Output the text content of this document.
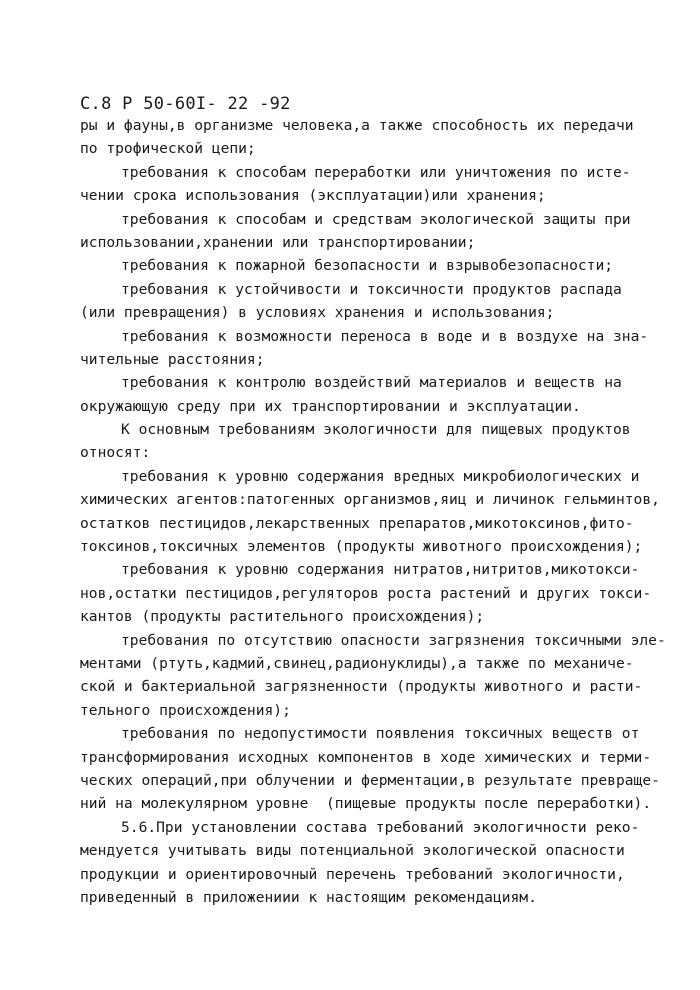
С.8 Р 50-60I- 22 -92
ры и фауны,в организме человека,а также способность их передачи
по трофической цепи;
требования к способам переработки или уничтожения по исте-
чении срока использования (эксплуатации)или хранения;
требования к способам и средствам экологической защиты при
использовании,хранении или транспортировании;
требования к пожарной безопасности и взрывобезопасности;
требования к устойчивости и токсичности продуктов распада
(или превращения) в условиях хранения и использования;
требования к возможности переноса в воде и в воздухе на зна-
чительные расстояния;
требования к контролю воздействий материалов и веществ на
окружающую среду при их транспортировании и эксплуатации.
К основным требованиям экологичности для пищевых продуктов
относят:
требования к уровню содержания вредных микробиологических и
химических агентов:патогенных организмов,яиц и личинок гельминтов,
остатков пестицидов,лекарственных препаратов,микотоксинов,фито-
токсинов,токсичных элементов (продукты животного происхождения);
требования к уровню содержания нитратов,нитритов,микотокси-
нов,остатки пестицидов,регуляторов роста растений и других токси-
кантов (продукты растительного происхождения);
требования по отсутствию опасности загрязнения токсичными эле-
ментами (ртуть,кадмий,свинец,радионуклиды),а также по механиче-
ской и бактериальной загрязненности (продукты животного и расти-
тельного происхождения);
требования по недопустимости появления токсичных веществ от
трансформирования исходных компонентов в ходе химических и терми-
ческих операций,при облучении и ферментации,в результате превраще-
ний на молекулярном уровне  (пищевые продукты после переработки).
5.6.При установлении состава требований экологичности реко-
мендуется учитывать виды потенциальной экологической опасности
продукции и ориентировочный перечень требований экологичности,
приведенный в приложениии к настоящим рекомендациям.
